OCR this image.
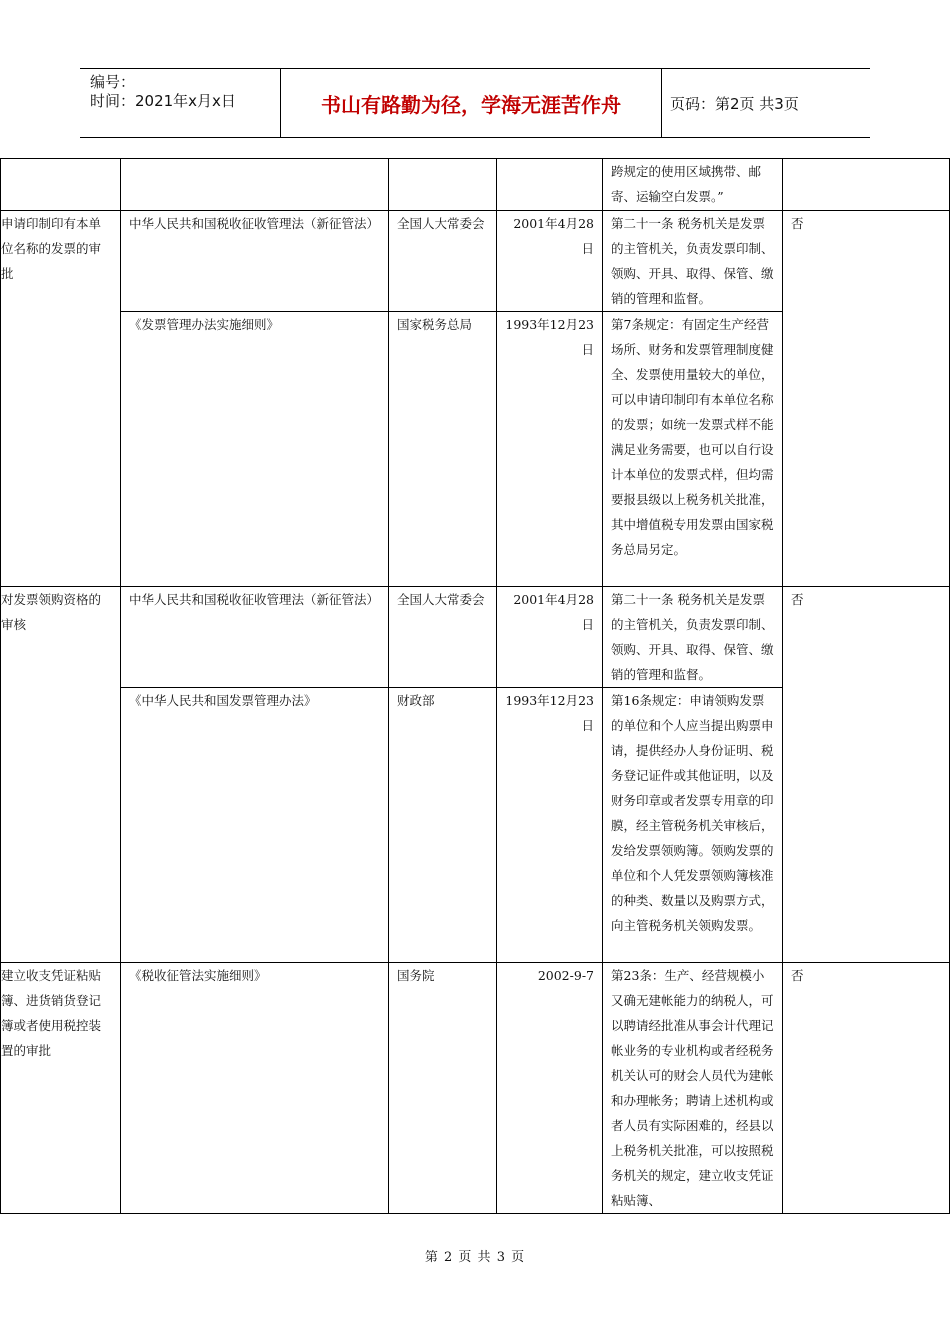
编号：
时间：2021年x月x日	书山有路勤为径，学海无涯苦作舟	页码：第2页 共3页
				跨规定的使用区域携带、邮寄、运输空白发票。”	
申请印制印有本单位名称的发票的审批	中华人民共和国税收征收管理法（新征管法）	全国人大常委会	2001年4月28日	第二十一条 税务机关是发票的主管机关，负责发票印制、领购、开具、取得、保管、缴销的管理和监督。	否
	《发票管理办法实施细则》	国家税务总局	1993年12月23日	第7条规定：有固定生产经营场所、财务和发票管理制度健全、发票使用量较大的单位，可以申请印制印有本单位名称的发票；如统一发票式样不能满足业务需要，也可以自行设计本单位的发票式样，但均需要报县级以上税务机关批准，其中增值税专用发票由国家税务总局另定。	
对发票领购资格的审核	中华人民共和国税收征收管理法（新征管法）	全国人大常委会	2001年4月28日	第二十一条 税务机关是发票的主管机关，负责发票印制、领购、开具、取得、保管、缴销的管理和监督。	否
	《中华人民共和国发票管理办法》	财政部	1993年12月23日	第16条规定：申请领购发票的单位和个人应当提出购票申请，提供经办人身份证明、税务登记证件或其他证明，以及财务印章或者发票专用章的印膜，经主管税务机关审核后，发给发票领购簿。领购发票的单位和个人凭发票领购簿核准的种类、数量以及购票方式，向主管税务机关领购发票。	
建立收支凭证粘贴簿、进货销货登记簿或者使用税控装置的审批	《税收征管法实施细则》	国务院	2002-9-7	第23条：生产、经营规模小又确无建帐能力的纳税人，可以聘请经批准从事会计代理记帐业务的专业机构或者经税务机关认可的财会人员代为建帐和办理帐务；聘请上述机构或者人员有实际困难的，经县以上税务机关批准，可以按照税务机关的规定，建立收支凭证粘贴簿、	否
第 2 页 共 3 页
